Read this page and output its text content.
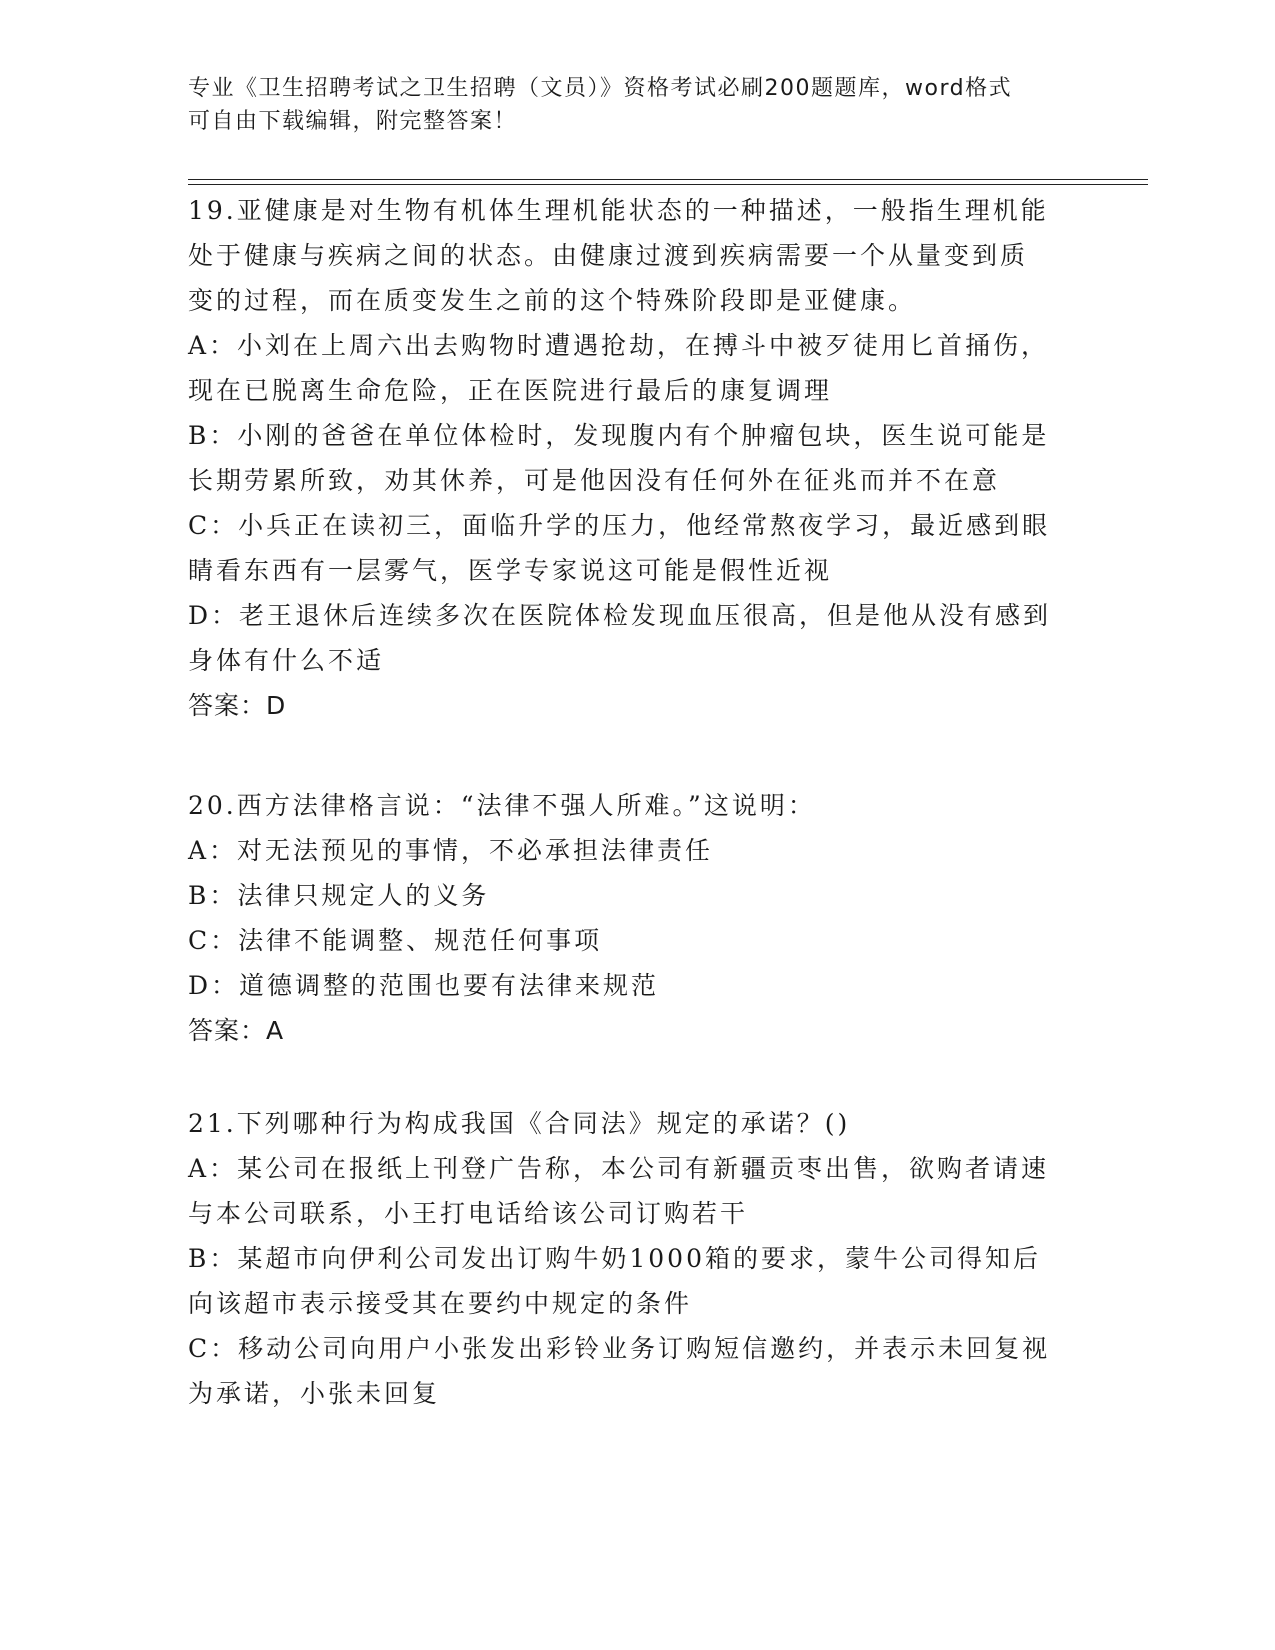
专业《卫生招聘考试之卫生招聘（文员）》资格考试必刷200题题库，word格式
可自由下载编辑，附完整答案！
19.亚健康是对生物有机体生理机能状态的一种描述，一般指生理机能
处于健康与疾病之间的状态。由健康过渡到疾病需要一个从量变到质
变的过程，而在质变发生之前的这个特殊阶段即是亚健康。
A：小刘在上周六出去购物时遭遇抢劫，在搏斗中被歹徒用匕首捅伤，
现在已脱离生命危险，正在医院进行最后的康复调理
B：小刚的爸爸在单位体检时，发现腹内有个肿瘤包块，医生说可能是
长期劳累所致，劝其休养，可是他因没有任何外在征兆而并不在意
C：小兵正在读初三，面临升学的压力，他经常熬夜学习，最近感到眼
睛看东西有一层雾气，医学专家说这可能是假性近视
D：老王退休后连续多次在医院体检发现血压很高，但是他从没有感到
身体有什么不适
答案：D
20.西方法律格言说：“法律不强人所难。”这说明：
A：对无法预见的事情，不必承担法律责任
B：法律只规定人的义务
C：法律不能调整、规范任何事项
D：道德调整的范围也要有法律来规范
答案：A
21.下列哪种行为构成我国《合同法》规定的承诺？()
A：某公司在报纸上刊登广告称，本公司有新疆贡枣出售，欲购者请速
与本公司联系，小王打电话给该公司订购若干
B：某超市向伊利公司发出订购牛奶1000箱的要求，蒙牛公司得知后
向该超市表示接受其在要约中规定的条件
C：移动公司向用户小张发出彩铃业务订购短信邀约，并表示未回复视
为承诺，小张未回复
